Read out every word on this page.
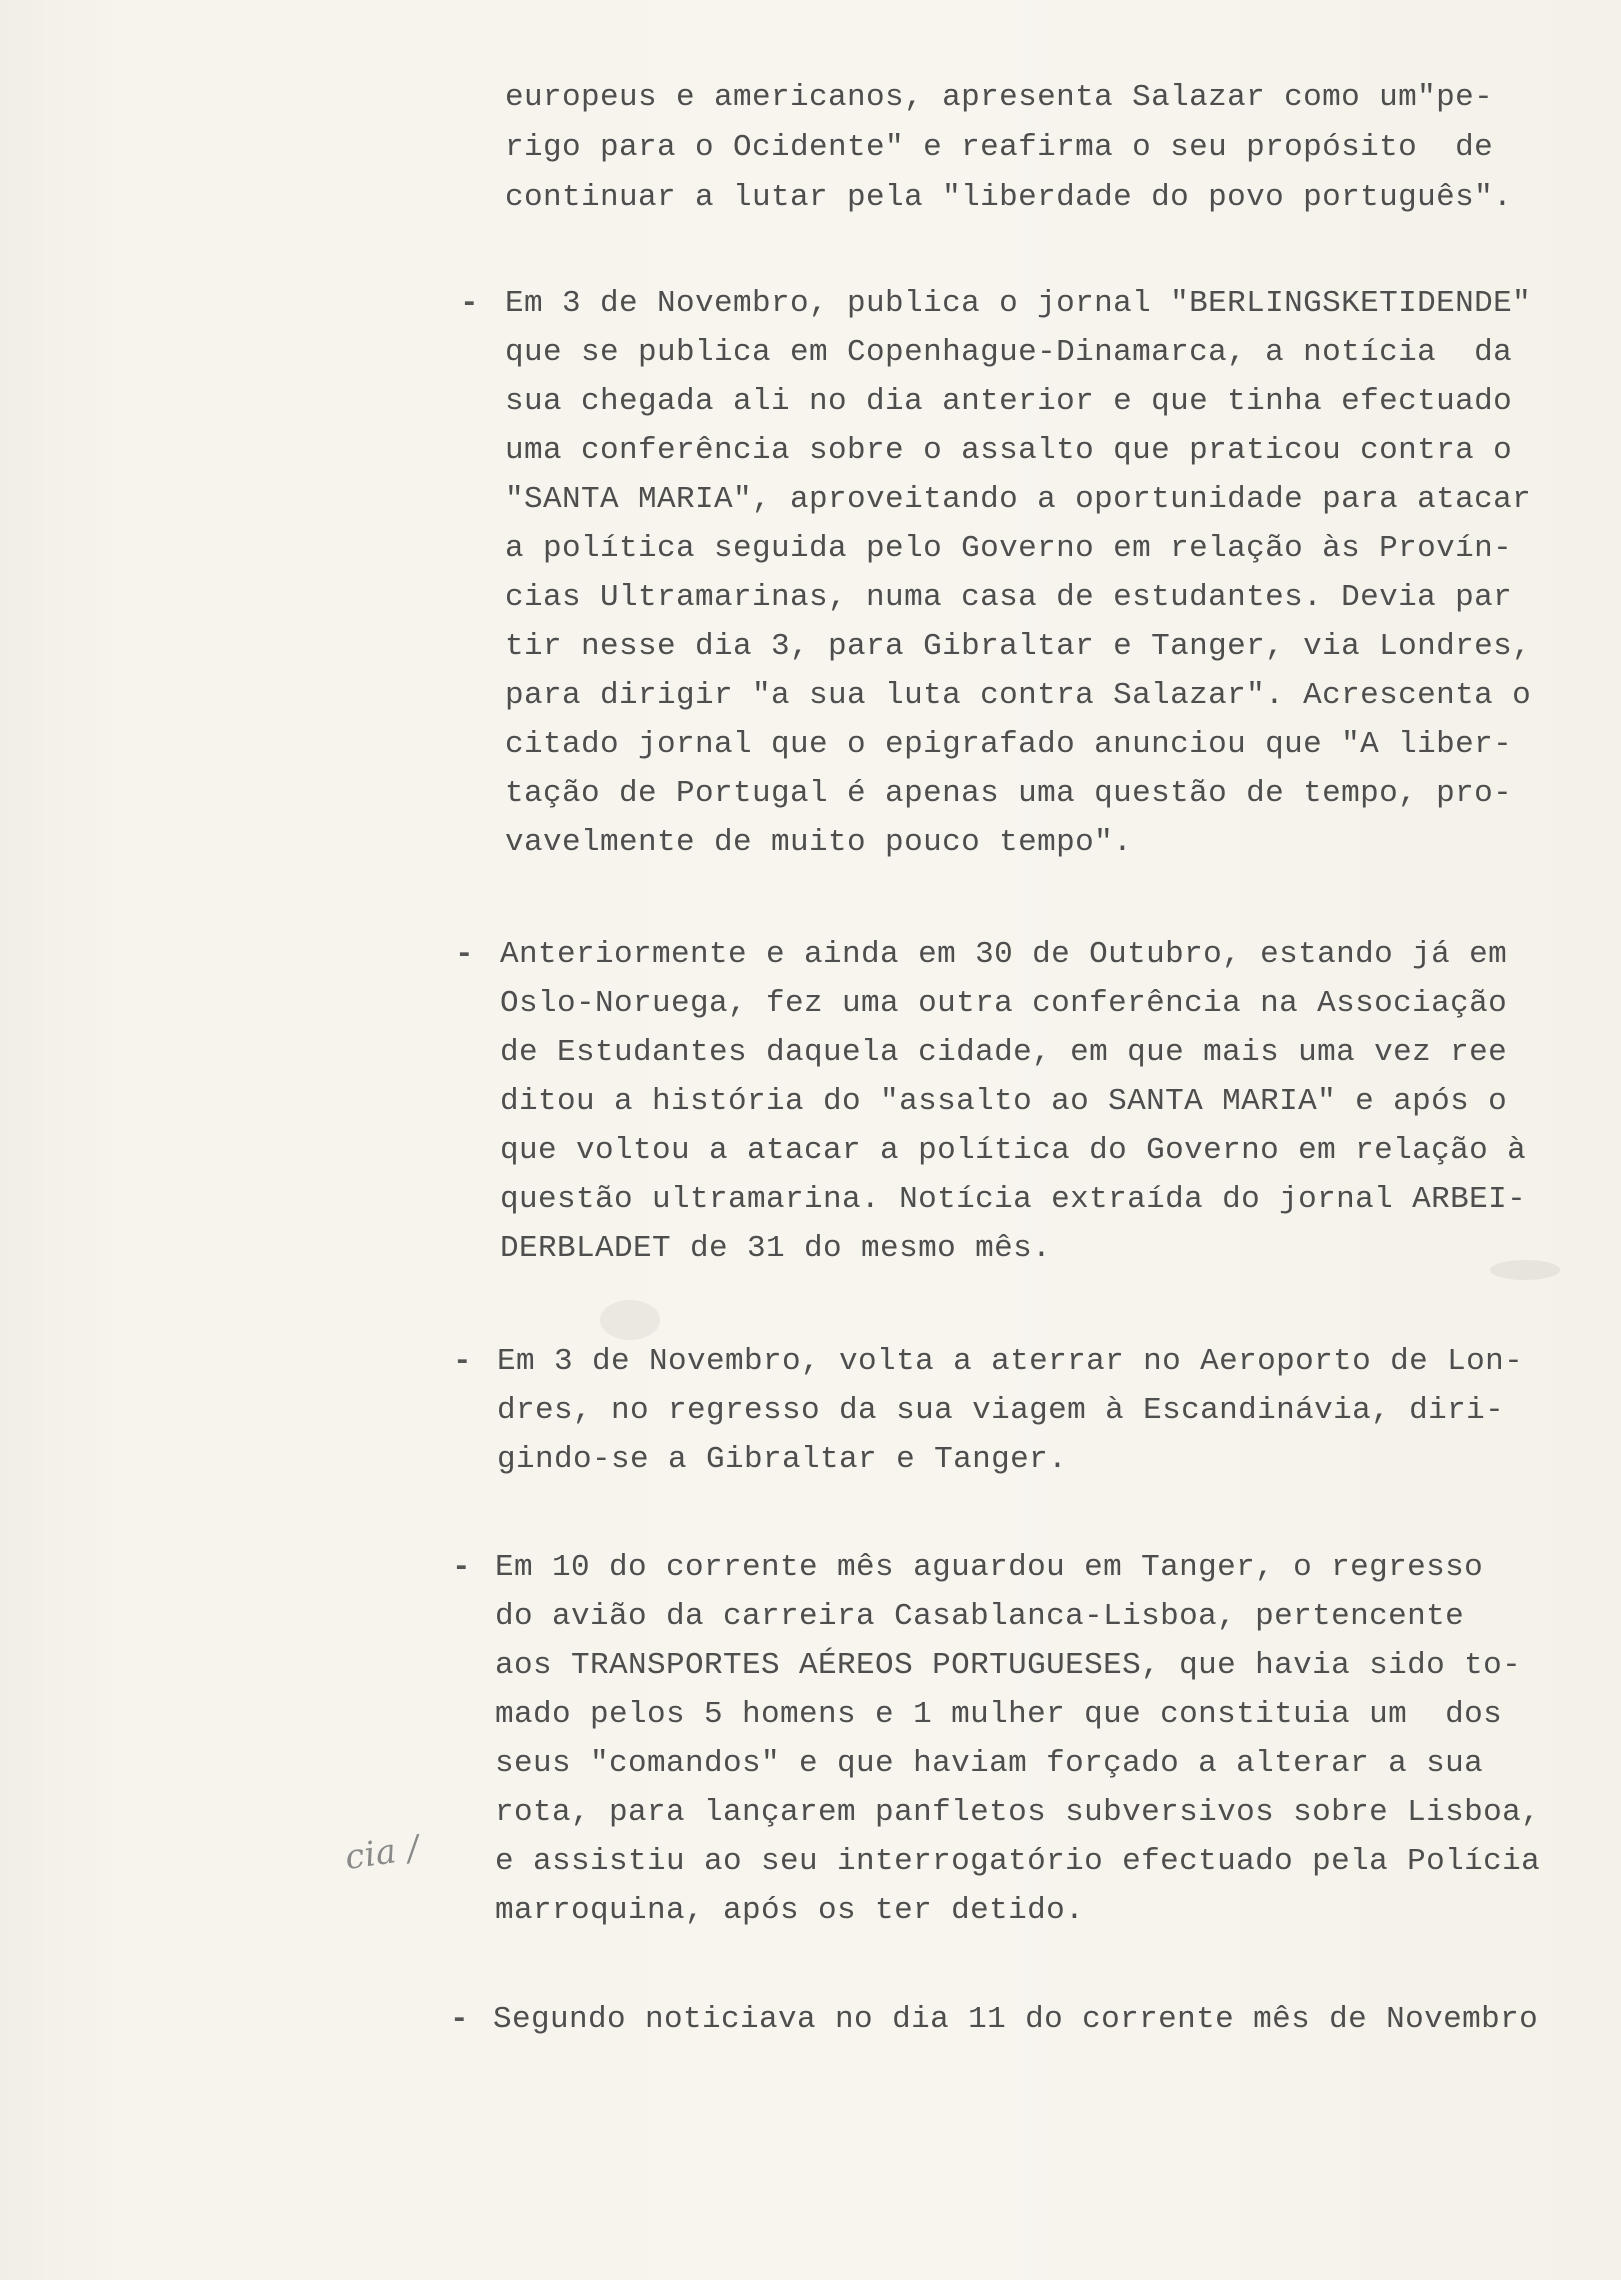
europeus e americanos, apresenta Salazar como um"pe-
rigo para o Ocidente" e reafirma o seu propósito  de
continuar a lutar pela "liberdade do povo português".
- Em 3 de Novembro, publica o jornal "BERLINGSKETIDENDE"
que se publica em Copenhague-Dinamarca, a notícia  da
sua chegada ali no dia anterior e que tinha efectuado
uma conferência sobre o assalto que praticou contra o
"SANTA MARIA", aproveitando a oportunidade para atacar
a política seguida pelo Governo em relação às Provín-
cias Ultramarinas, numa casa de estudantes. Devia par
tir nesse dia 3, para Gibraltar e Tanger, via Londres,
para dirigir "a sua luta contra Salazar". Acrescenta o
citado jornal que o epigrafado anunciou que "A liber-
tação de Portugal é apenas uma questão de tempo, pro-
vavelmente de muito pouco tempo".
- Anteriormente e ainda em 30 de Outubro, estando já em
Oslo-Noruega, fez uma outra conferência na Associação
de Estudantes daquela cidade, em que mais uma vez ree
ditou a história do "assalto ao SANTA MARIA" e após o
que voltou a atacar a política do Governo em relação à
questão ultramarina. Notícia extraída do jornal ARBEI-
DERBLADET de 31 do mesmo mês.
- Em 3 de Novembro, volta a aterrar no Aeroporto de Lon-
dres, no regresso da sua viagem à Escandinávia, diri-
gindo-se a Gibraltar e Tanger.
- Em 10 do corrente mês aguardou em Tanger, o regresso
do avião da carreira Casablanca-Lisboa, pertencente
aos TRANSPORTES AÉREOS PORTUGUESES, que havia sido to-
mado pelos 5 homens e 1 mulher que constituia um  dos
seus "comandos" e que haviam forçado a alterar a sua
rota, para lançarem panfletos subversivos sobre Lisboa,
e assistiu ao seu interrogatório efectuado pela Polícia
marroquina, após os ter detido.
- Segundo noticiava no dia 11 do corrente mês de Novembro
cia /
